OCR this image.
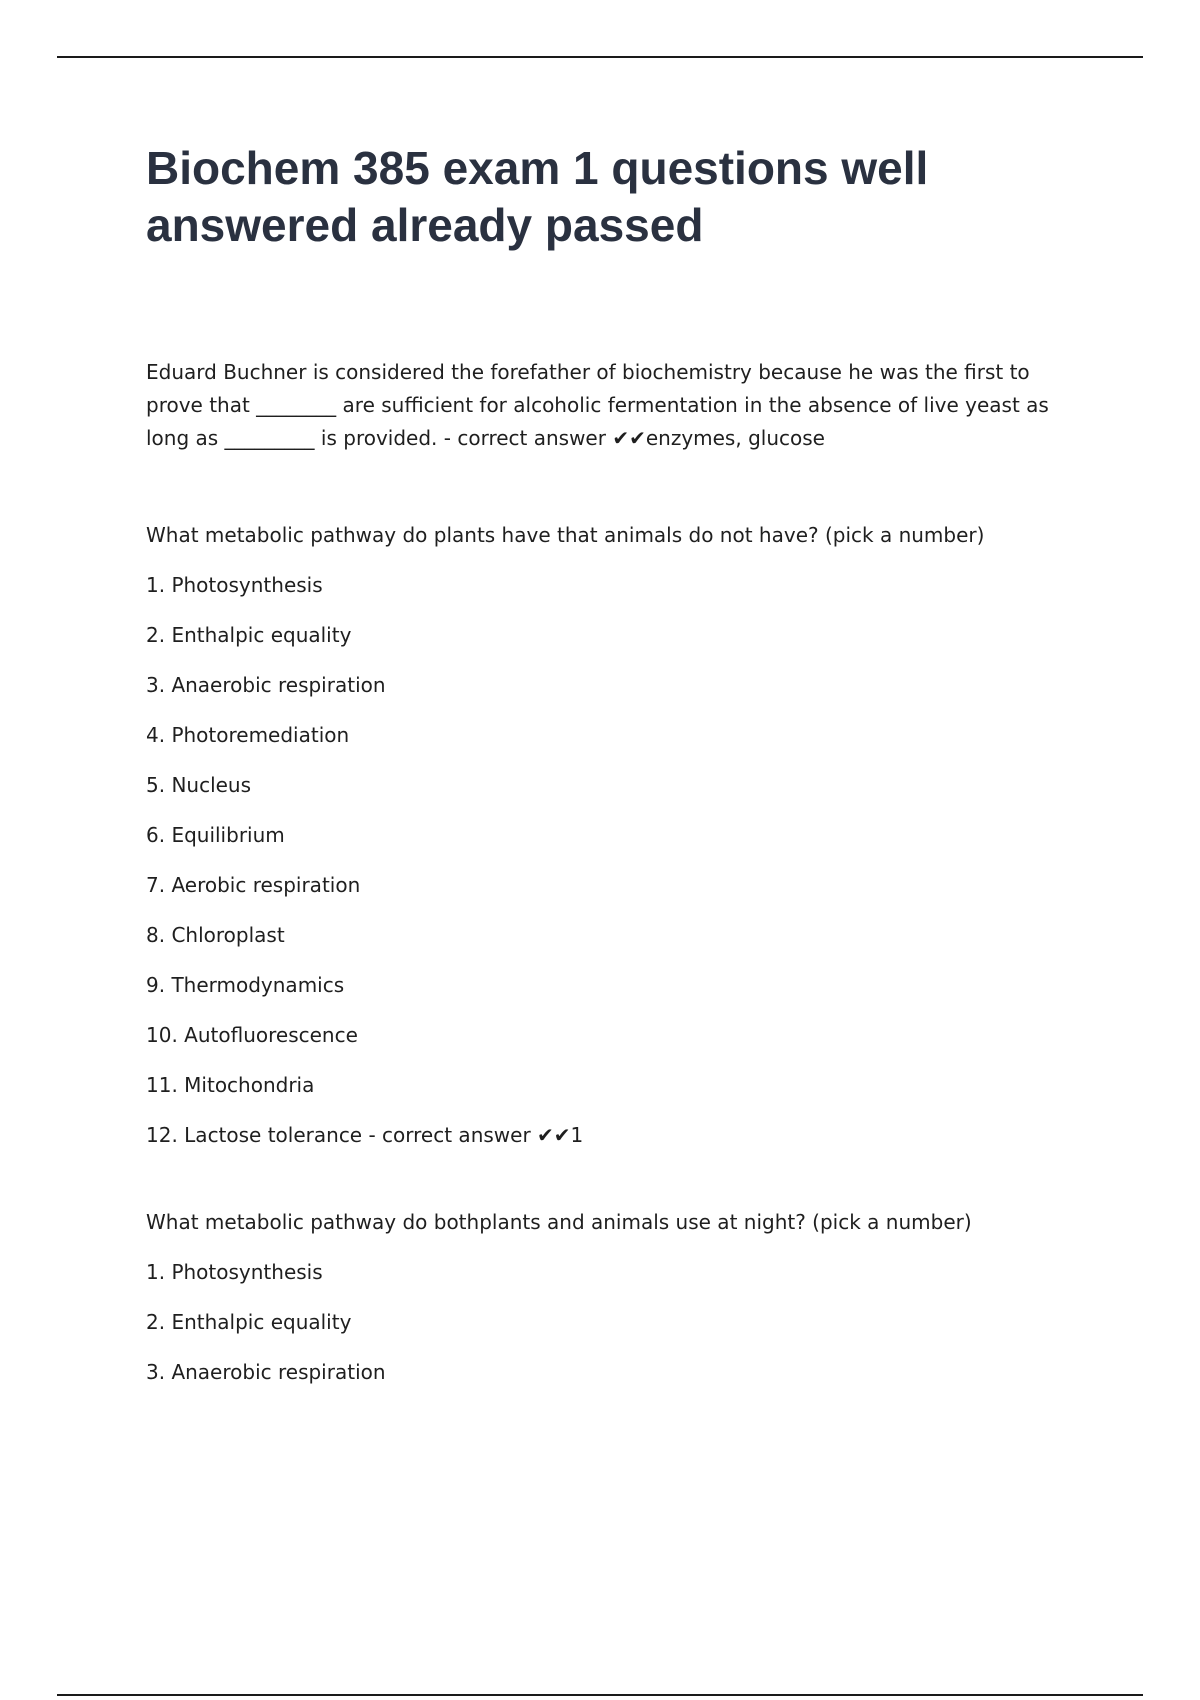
Biochem 385 exam 1 questions well answered already passed

Eduard Buchner is considered the forefather of biochemistry because he was the first to prove that ________ are sufficient for alcoholic fermentation in the absence of live yeast as long as _________ is provided. - correct answer ✔✔enzymes, glucose

What metabolic pathway do plants have that animals do not have? (pick a number)

1. Photosynthesis
2. Enthalpic equality
3. Anaerobic respiration
4. Photoremediation
5. Nucleus
6. Equilibrium
7. Aerobic respiration
8. Chloroplast
9. Thermodynamics
10. Autofluorescence
11. Mitochondria
12. Lactose tolerance - correct answer ✔✔1

What metabolic pathway do bothplants and animals use at night? (pick a number)

1. Photosynthesis
2. Enthalpic equality
3. Anaerobic respiration
